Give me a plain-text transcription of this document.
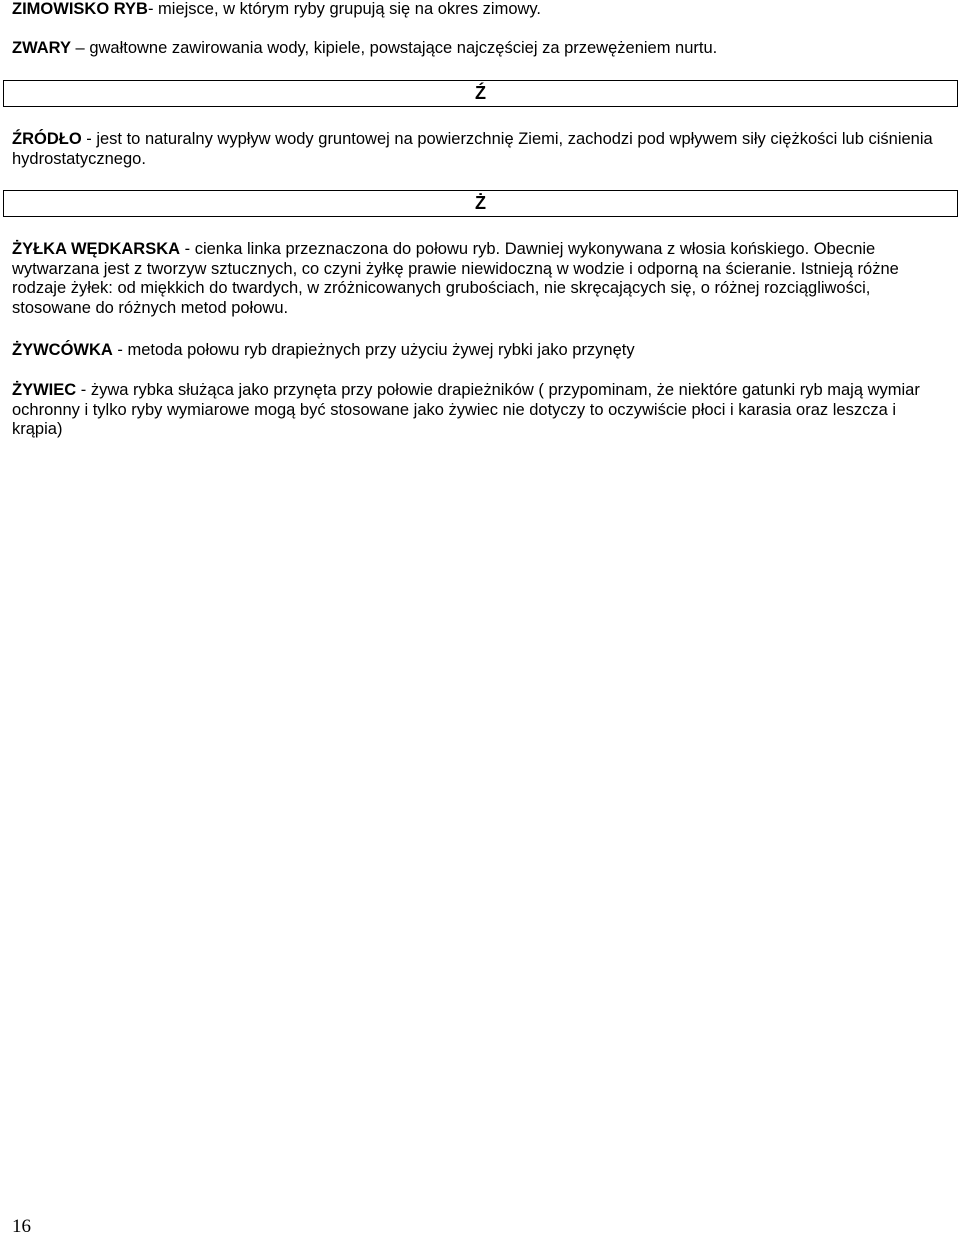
ZIMOWISKO RYB- miejsce, w którym ryby grupują się na okres zimowy.

ZWARY – gwałtowne zawirowania wody, kipiele, powstające najczęściej za przewężeniem nurtu.

Ź

ŹRÓDŁO - jest to naturalny wypływ wody gruntowej na powierzchnię Ziemi, zachodzi pod wpływem siły ciężkości lub ciśnienia hydrostatycznego.

Ż

ŻYŁKA WĘDKARSKA - cienka linka przeznaczona do połowu ryb. Dawniej wykonywana z włosia końskiego. Obecnie wytwarzana jest z tworzyw sztucznych, co czyni żyłkę prawie niewidoczną w wodzie i odporną na ścieranie. Istnieją różne rodzaje żyłek: od miękkich do twardych, w zróżnicowanych grubościach, nie skręcających się, o różnej rozciągliwości, stosowane do różnych metod połowu.

ŻYWCÓWKA - metoda połowu ryb drapieżnych przy użyciu żywej rybki jako przynęty

ŻYWIEC - żywa rybka służąca jako przynęta przy połowie drapieżników ( przypominam, że niektóre gatunki ryb mają wymiar ochronny i tylko ryby wymiarowe mogą być stosowane jako żywiec nie dotyczy to oczywiście płoci i karasia oraz leszcza i krąpia)

16
